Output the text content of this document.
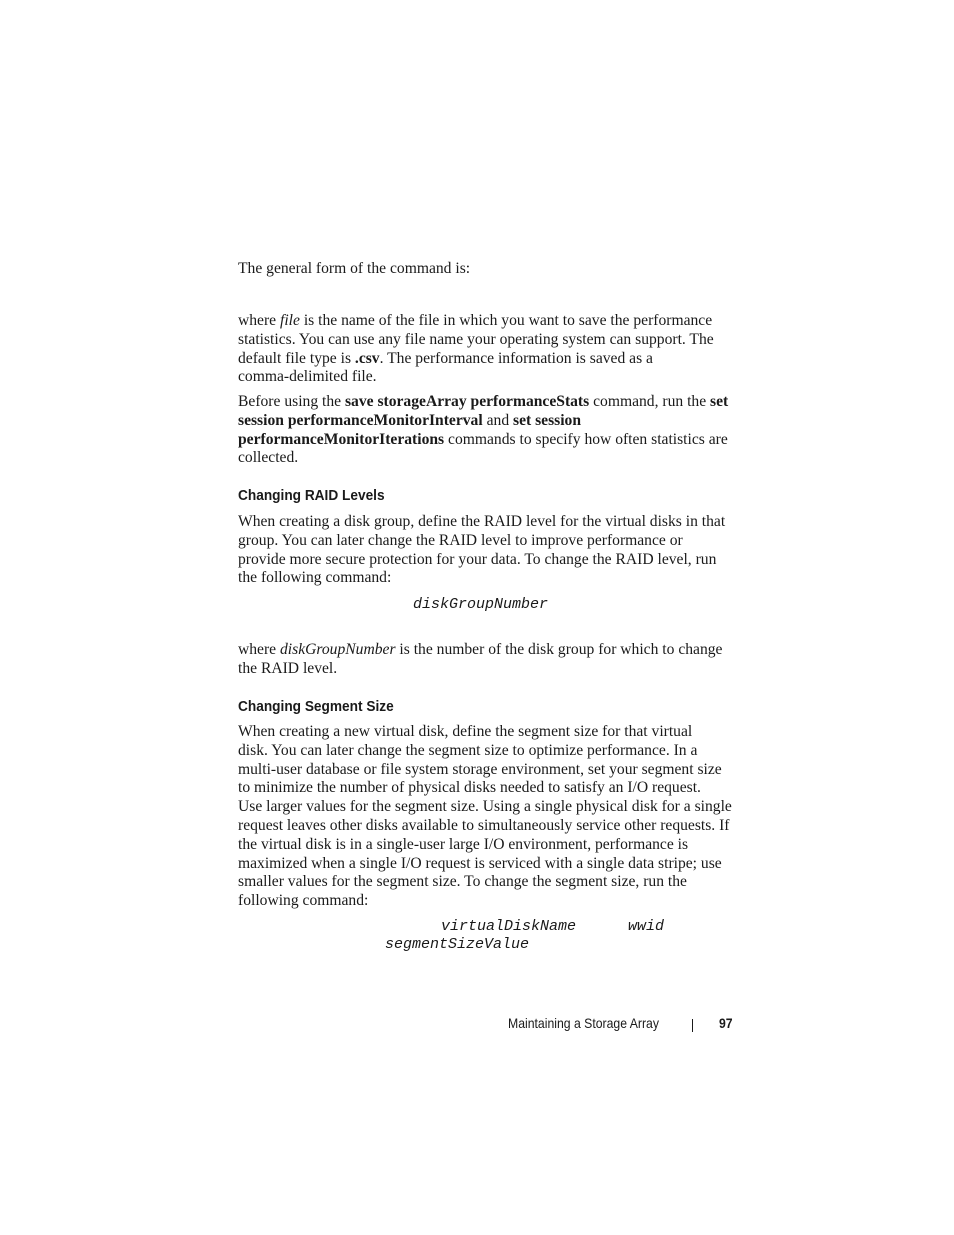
The general form of the command is:

where file is the name of the file in which you want to save the performance
statistics. You can use any file name your operating system can support. The
default file type is .csv. The performance information is saved as a
comma-delimited file.

Before using the save storageArray performanceStats command, run the set
session performanceMonitorInterval and set session
performanceMonitorIterations commands to specify how often statistics are
collected.

Changing RAID Levels

When creating a disk group, define the RAID level for the virtual disks in that
group. You can later change the RAID level to improve performance or
provide more secure protection for your data. To change the RAID level, run
the following command:

diskGroupNumber

where diskGroupNumber is the number of the disk group for which to change
the RAID level.

Changing Segment Size

When creating a new virtual disk, define the segment size for that virtual
disk. You can later change the segment size to optimize performance. In a
multi-user database or file system storage environment, set your segment size
to minimize the number of physical disks needed to satisfy an I/O request.
Use larger values for the segment size. Using a single physical disk for a single
request leaves other disks available to simultaneously service other requests. If
the virtual disk is in a single-user large I/O environment, performance is
maximized when a single I/O request is serviced with a single data stripe; use
smaller values for the segment size. To change the segment size, run the
following command:

virtualDiskName	wwid
segmentSizeValue
Maintaining a Storage Array	97
